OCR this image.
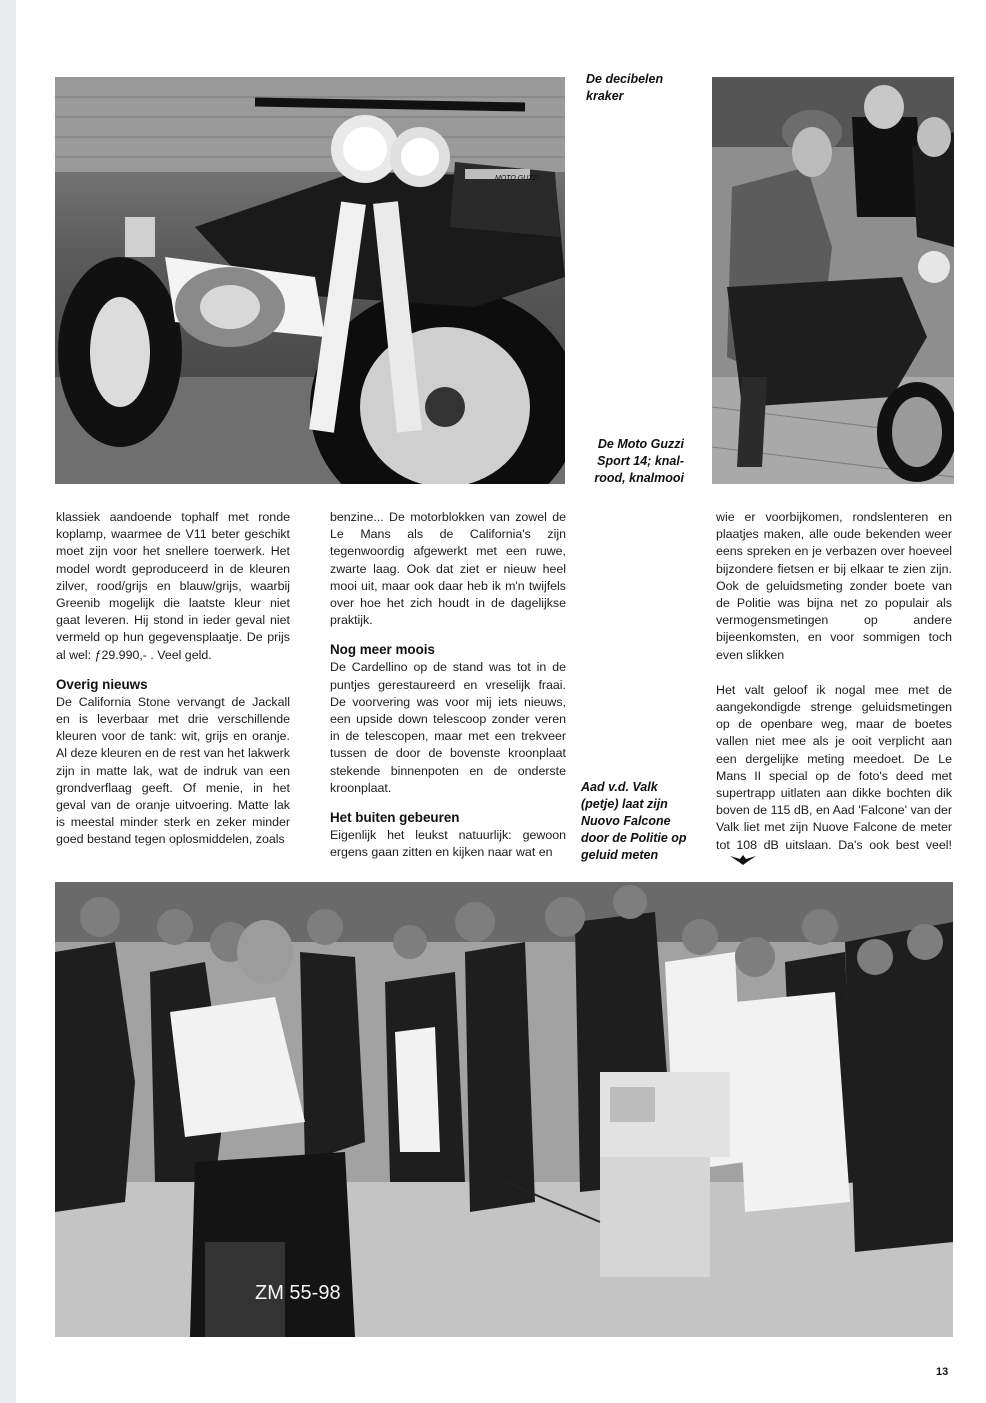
MOTO GUZZI
ZM 55-98
De decibelen kraker
De Moto Guzzi Sport 14; knal-rood, knalmooi
Aad v.d. Valk (petje) laat zijn Nuovo Falcone door de Politie op geluid meten

klassiek aandoende tophalf met ronde koplamp, waarmee de V11 beter geschikt moet zijn voor het snellere toerwerk. Het model wordt geproduceerd in de kleuren zilver, rood/grijs en blauw/grijs, waarbij Greenib mogelijk die laatste kleur niet gaat leveren. Hij stond in ieder geval niet vermeld op hun gegevensplaatje. De prijs al wel: ƒ29.990,- . Veel geld.

Overig nieuws

De California Stone vervangt de Jackall en is leverbaar met drie verschillende kleuren voor de tank: wit, grijs en oranje. Al deze kleuren en de rest van het lakwerk zijn in matte lak, wat de indruk van een grondverflaag geeft. Of menie, in het geval van de oranje uitvoering. Matte lak is meestal minder sterk en zeker minder goed bestand tegen oplosmiddelen, zoals

benzine... De motorblokken van zowel de Le Mans als de California's zijn tegenwoordig afgewerkt met een ruwe, zwarte laag. Ook dat ziet er nieuw heel mooi uit, maar ook daar heb ik m'n twijfels over hoe het zich houdt in de dagelijkse praktijk.

Nog meer moois

De Cardellino op de stand was tot in de puntjes gerestaureerd en vreselijk fraai. De voorvering was voor mij iets nieuws, een upside down telescoop zonder veren in de telescopen, maar met een trekveer tussen de door de bovenste kroonplaat stekende binnenpoten en de onderste kroonplaat.

Het buiten gebeuren

Eigenlijk het leukst natuurlijk: gewoon ergens gaan zitten en kijken naar wat en

wie er voorbijkomen, rondslenteren en plaatjes maken, alle oude bekenden weer eens spreken en je verbazen over hoeveel bijzondere fietsen er bij elkaar te zien zijn. Ook de geluidsmeting zonder boete van de Politie was bijna net zo populair als vermogensmetingen op andere bijeenkomsten, en voor sommigen toch even slikken

Het valt geloof ik nogal mee met de aangekondigde strenge geluidsmetingen op de openbare weg, maar de boetes vallen niet mee als je ooit verplicht aan een dergelijke meting meedoet. De Le Mans II special op de foto's deed met supertrapp uitlaten aan dikke bochten dik boven de 115 dB, en Aad 'Falcone' van der Valk liet met zijn Nuove Falcone de meter tot 108 dB uitslaan. Da's ook best veel!

13
